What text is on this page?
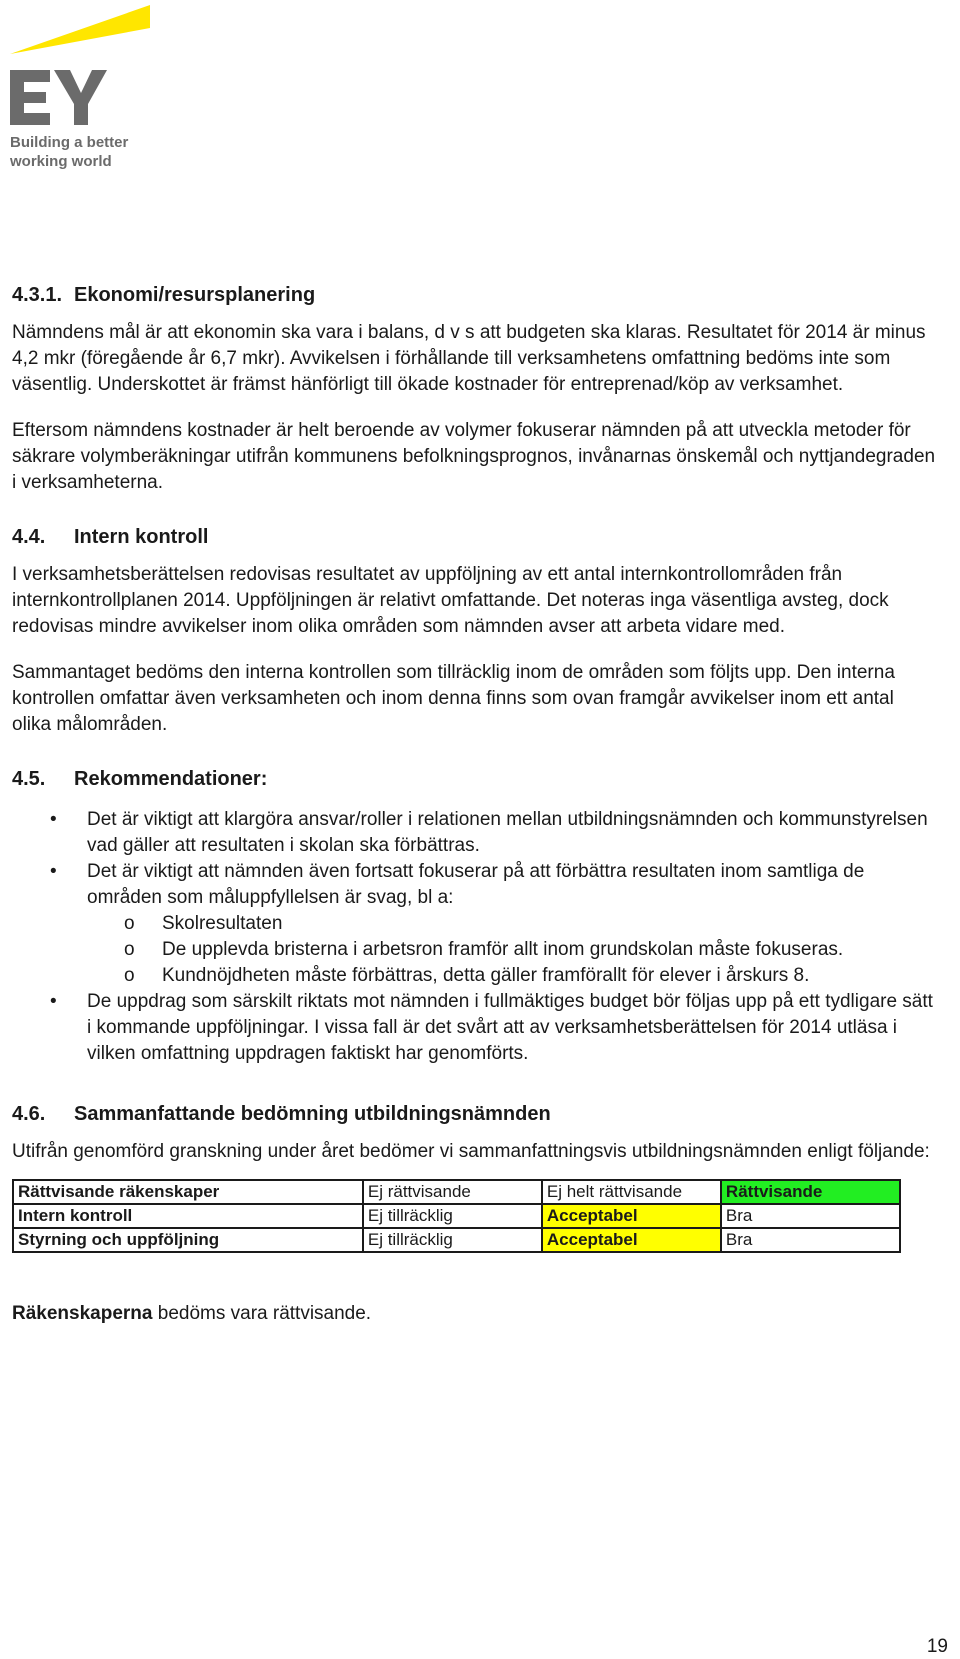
Building a better
working world
4.3.1. Ekonomi/resursplanering

Nämndens mål är att ekonomin ska vara i balans, d v s att budgeten ska klaras. Resultatet för 2014 är minus 4,2 mkr (föregående år 6,7 mkr). Avvikelsen i förhållande till verksamhetens omfattning bedöms inte som väsentlig. Underskottet är främst hänförligt till ökade kostnader för entreprenad/köp av verksamhet.

Eftersom nämndens kostnader är helt beroende av volymer fokuserar nämnden på att utveckla metoder för säkrare volymberäkningar utifrån kommunens befolkningsprognos, invånarnas önskemål och nyttjandegraden i verksamheterna.

4.4. Intern kontroll

I verksamhetsberättelsen redovisas resultatet av uppföljning av ett antal internkontrollområden från internkontrollplanen 2014. Uppföljningen är relativt omfattande. Det noteras inga väsentliga avsteg, dock redovisas mindre avvikelser inom olika områden som nämnden avser att arbeta vidare med.

Sammantaget bedöms den interna kontrollen som tillräcklig inom de områden som följts upp. Den interna kontrollen omfattar även verksamheten och inom denna finns som ovan framgår avvikelser inom ett antal olika målområden.

4.5. Rekommendationer:
• Det är viktigt att klargöra ansvar/roller i relationen mellan utbildningsnämnden och kommunstyrelsen vad gäller att resultaten i skolan ska förbättras.
• Det är viktigt att nämnden även fortsatt fokuserar på att förbättra resultaten inom samtliga de områden som måluppfyllelsen är svag, bl a:
o Skolresultaten
o De upplevda bristerna i arbetsron framför allt inom grundskolan måste fokuseras.
o Kundnöjdheten måste förbättras, detta gäller framförallt för elever i årskurs 8.
• De uppdrag som särskilt riktats mot nämnden i fullmäktiges budget bör följas upp på ett tydligare sätt i kommande uppföljningar. I vissa fall är det svårt att av verksamhetsberättelsen för 2014 utläsa i vilken omfattning uppdragen faktiskt har genomförts.
4.6. Sammanfattande bedömning utbildningsnämnden

Utifrån genomförd granskning under året bedömer vi sammanfattningsvis utbildningsnämnden enligt följande:

Rättvisande räkenskaper	Ej rättvisande	Ej helt rättvisande	Rättvisande
Intern kontroll	Ej tillräcklig	Acceptabel	Bra
Styrning och uppföljning	Ej tillräcklig	Acceptabel	Bra

Räkenskaperna bedöms vara rättvisande.

19
